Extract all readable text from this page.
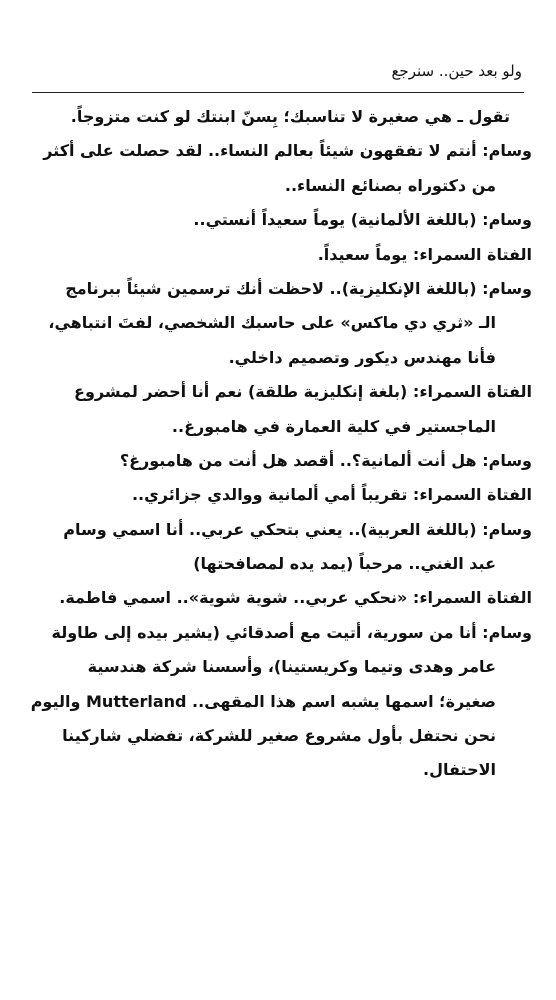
ولو بعد حين.. سنرجع
تقول ـ هي صغيرة لا تناسبك؛ بِسنّ ابنتك لو كنت متزوجاً.
وسام: أنتم لا تفقهون شيئاً بعالم النساء.. لقد حصلت على أكثر
من دكتوراه بصنائع النساء..
وسام: (باللغة الألمانية) يوماً سعيداً أنستي..
الفتاة السمراء: يوماً سعيداً.
وسام: (باللغة الإنكليزية).. لاحظت أنك ترسمين شيئاً ببرنامج
الـ «ثري دي ماكس» على حاسبك الشخصي، لفتَ انتباهي،
فأنا مهندس ديكور وتصميم داخلي.
الفتاة السمراء: (بلغة إنكليزية طلقة) نعم أنا أحضر لمشروع
الماجستير في كلية العمارة في هامبورغ..
وسام: هل أنت ألمانية؟.. أقصد هل أنت من هامبورغ؟
الفتاة السمراء: تقريباً أمي ألمانية ووالدي جزائري..
وسام: (باللغة العربية).. يعني بتحكي عربي.. أنا اسمي وسام
عبد الغني.. مرحباً (يمد يده لمصافحتها)
الفتاة السمراء: «نحكي عربي.. شوية شوية».. اسمي فاطمة.
وسام: أنا من سورية، أتيت مع أصدقائي (يشير بيده إلى طاولة
عامر وهدى وتيما وكريستينا)، وأسسنا شركة هندسية
صغيرة؛ اسمها يشبه اسم هذا المقهى.. Mutterland واليوم
نحن نحتفل بأول مشروع صغير للشركة، تفضلي شاركينا
الاحتفال.
